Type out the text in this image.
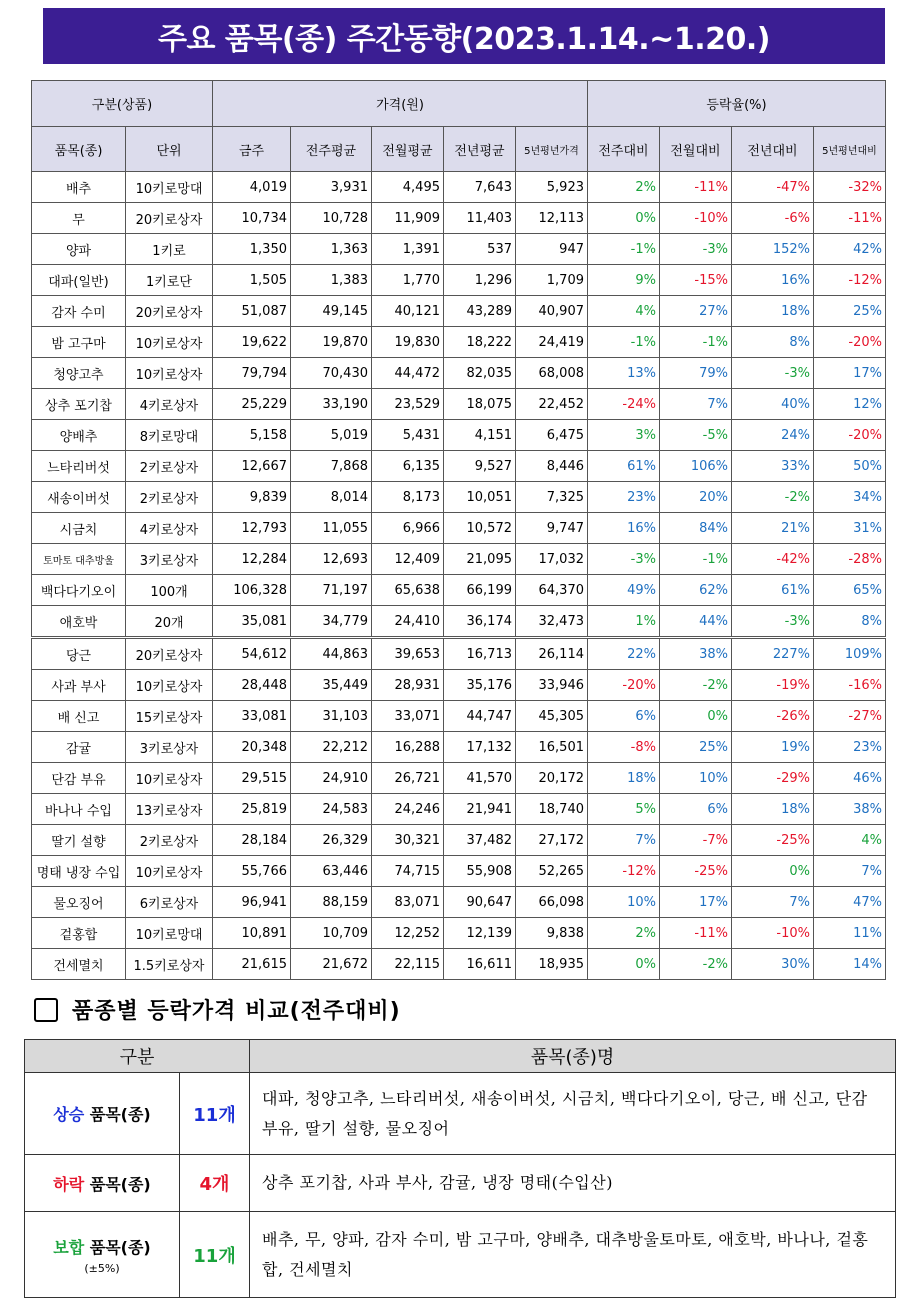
주요 품목(종) 주간동향(2023.1.14.~1.20.)
구분(상품)		가격(원)					등락율(%)			
품목(종)	단위	금주	전주평균	전월평균	전년평균	5년평년가격	전주대비	전월대비	전년대비	5년평년대비
배추	10키로망대	4,019	3,931	4,495	7,643	5,923	2%	-11%	-47%	-32%
무	20키로상자	10,734	10,728	11,909	11,403	12,113	0%	-10%	-6%	-11%
양파	1키로	1,350	1,363	1,391	537	947	-1%	-3%	152%	42%
대파(일반)	1키로단	1,505	1,383	1,770	1,296	1,709	9%	-15%	16%	-12%
감자 수미	20키로상자	51,087	49,145	40,121	43,289	40,907	4%	27%	18%	25%
밤 고구마	10키로상자	19,622	19,870	19,830	18,222	24,419	-1%	-1%	8%	-20%
청양고추	10키로상자	79,794	70,430	44,472	82,035	68,008	13%	79%	-3%	17%
상추 포기찹	4키로상자	25,229	33,190	23,529	18,075	22,452	-24%	7%	40%	12%
양배추	8키로망대	5,158	5,019	5,431	4,151	6,475	3%	-5%	24%	-20%
느타리버섯	2키로상자	12,667	7,868	6,135	9,527	8,446	61%	106%	33%	50%
새송이버섯	2키로상자	9,839	8,014	8,173	10,051	7,325	23%	20%	-2%	34%
시금치	4키로상자	12,793	11,055	6,966	10,572	9,747	16%	84%	21%	31%
토마토 대추방울	3키로상자	12,284	12,693	12,409	21,095	17,032	-3%	-1%	-42%	-28%
백다다기오이	100개	106,328	71,197	65,638	66,199	64,370	49%	62%	61%	65%
애호박	20개	35,081	34,779	24,410	36,174	32,473	1%	44%	-3%	8%
당근	20키로상자	54,612	44,863	39,653	16,713	26,114	22%	38%	227%	109%
사과 부사	10키로상자	28,448	35,449	28,931	35,176	33,946	-20%	-2%	-19%	-16%
배 신고	15키로상자	33,081	31,103	33,071	44,747	45,305	6%	0%	-26%	-27%
감귤	3키로상자	20,348	22,212	16,288	17,132	16,501	-8%	25%	19%	23%
단감 부유	10키로상자	29,515	24,910	26,721	41,570	20,172	18%	10%	-29%	46%
바나나 수입	13키로상자	25,819	24,583	24,246	21,941	18,740	5%	6%	18%	38%
딸기 설향	2키로상자	28,184	26,329	30,321	37,482	27,172	7%	-7%	-25%	4%
명태 냉장 수입	10키로상자	55,766	63,446	74,715	55,908	52,265	-12%	-25%	0%	7%
물오징어	6키로상자	96,941	88,159	83,071	90,647	66,098	10%	17%	7%	47%
겉홍합	10키로망대	10,891	10,709	12,252	12,139	9,838	2%	-11%	-10%	11%
건세멸치	1.5키로상자	21,615	21,672	22,115	16,611	18,935	0%	-2%	30%	14%
품종별 등락가격 비교(전주대비)
구분		품목(종)명
상승 품목(종)	11개	대파, 청양고추, 느타리버섯, 새송이버섯, 시금치, 백다다기오이, 당근, 배 신고, 단감 부유, 딸기 설향, 물오징어
하락 품목(종)	4개	상추 포기찹, 사과 부사, 감귤, 냉장 명태(수입산)
보합 품목(종)
(±5%)	11개	배추, 무, 양파, 감자 수미, 밤 고구마, 양배추, 대추방울토마토, 애호박, 바나나, 겉홍합, 건세멸치
